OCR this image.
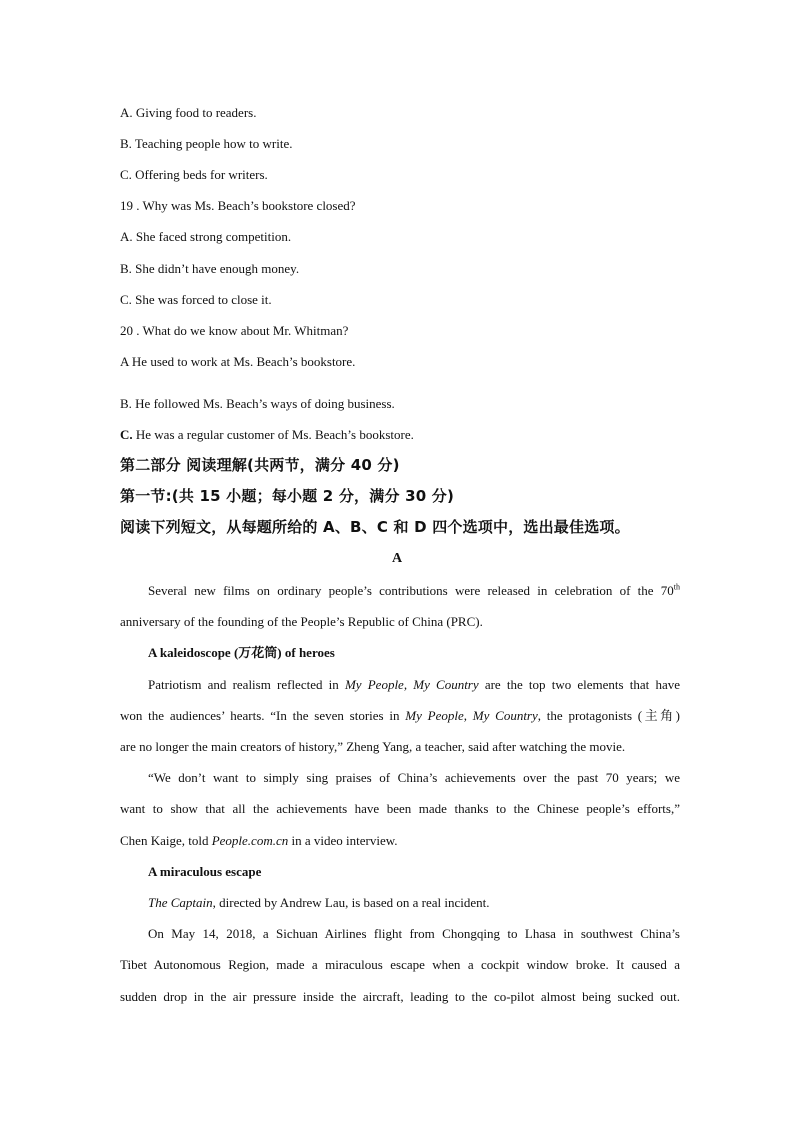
A. Giving food to readers.
B. Teaching people how to write.
C. Offering beds for writers.
19 . Why was Ms. Beach’s bookstore closed?
A. She faced strong competition.
B. She didn’t have enough money.
C. She was forced to close it.
20 . What do we know about Mr. Whitman?
A He used to work at Ms. Beach’s bookstore.
B. He followed Ms. Beach’s ways of doing business.
C. He was a regular customer of Ms. Beach’s bookstore.
第二部分 阅读理解(共两节，满分 40 分)
第一节:(共 15 小题；每小题 2 分，满分 30 分)
阅读下列短文，从每题所给的 A、B、C 和 D 四个选项中，选出最佳选项。
A
Several new films on ordinary people’s contributions were released in celebration of the 70th
anniversary of the founding of the People’s Republic of China (PRC).
A kaleidoscope (万花筒) of heroes
Patriotism and realism reflected in My People, My Country are the top two elements that have
won the audiences’ hearts. “In the seven stories in My People, My Country, the protagonists (主角)
are no longer the main creators of history,” Zheng Yang, a teacher, said after watching the movie.
“We don’t want to simply sing praises of China’s achievements over the past 70 years; we
want to show that all the achievements have been made thanks to the Chinese people’s efforts,”
Chen Kaige, told People.com.cn in a video interview.
A miraculous escape
The Captain, directed by Andrew Lau, is based on a real incident.
On May 14, 2018, a Sichuan Airlines flight from Chongqing to Lhasa in southwest China’s
Tibet Autonomous Region, made a miraculous escape when a cockpit window broke. It caused a
sudden drop in the air pressure inside the aircraft, leading to the co-pilot almost being sucked out.
